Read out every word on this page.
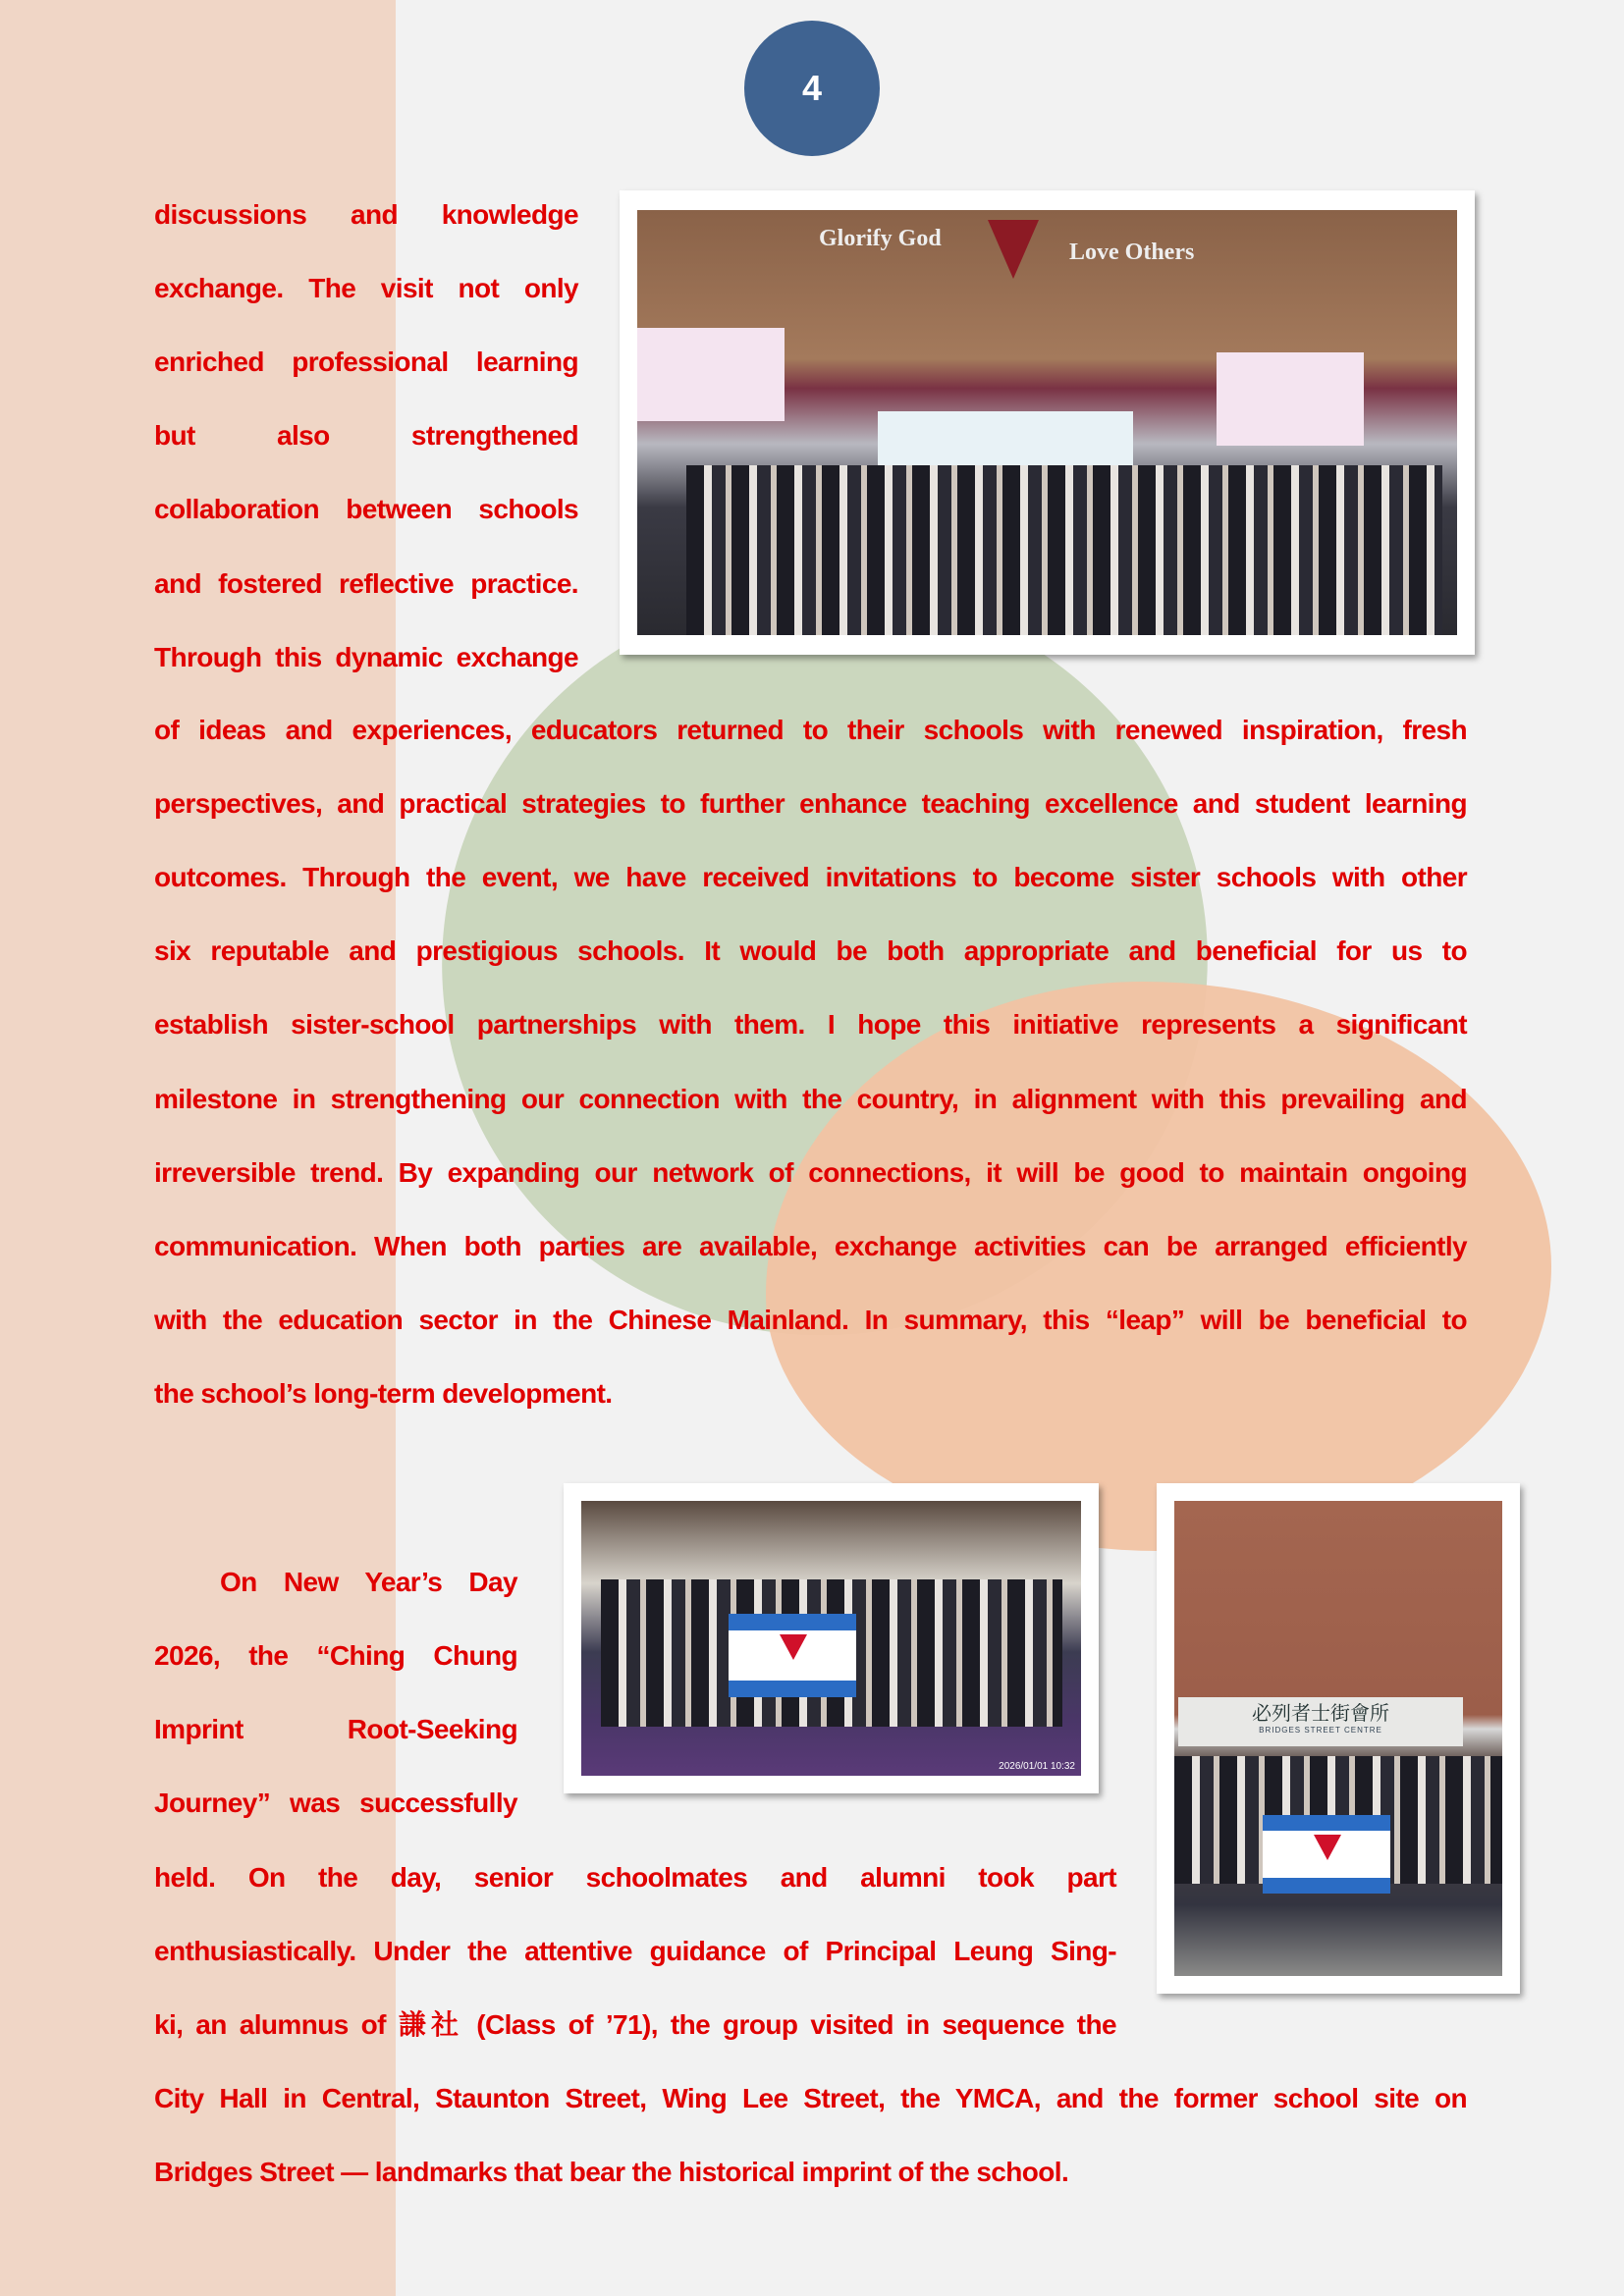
4
Glorify God
Love Others
2026/01/01 10:32
必列者士街會所
BRIDGES STREET CENTRE
discussions and knowledge
exchange. The visit not only
enriched professional learning
but also strengthened
collaboration between schools
and fostered reflective practice.
Through this dynamic exchange
of ideas and experiences, educators returned to their schools with renewed inspiration, fresh
perspectives, and practical strategies to further enhance teaching excellence and student learning
outcomes. Through the event, we have received invitations to become sister schools with other
six reputable and prestigious schools. It would be both appropriate and beneficial for us to
establish sister-school partnerships with them. I hope this initiative represents a significant
milestone in strengthening our connection with the country, in alignment with this prevailing and
irreversible trend. By expanding our network of connections, it will be good to maintain ongoing
communication. When both parties are available, exchange activities can be arranged efficiently
with the education sector in the Chinese Mainland. In summary, this “leap” will be beneficial to
the school’s long-term development.
On New Year’s Day
2026, the “Ching Chung
Imprint Root-Seeking
Journey” was successfully
held. On the day, senior schoolmates and alumni took part
enthusiastically. Under the attentive guidance of Principal Leung Sing-
ki, an alumnus of 謙社 (Class of ’71), the group visited in sequence the
City Hall in Central, Staunton Street, Wing Lee Street, the YMCA, and the former school site on
Bridges Street — landmarks that bear the historical imprint of the school.
